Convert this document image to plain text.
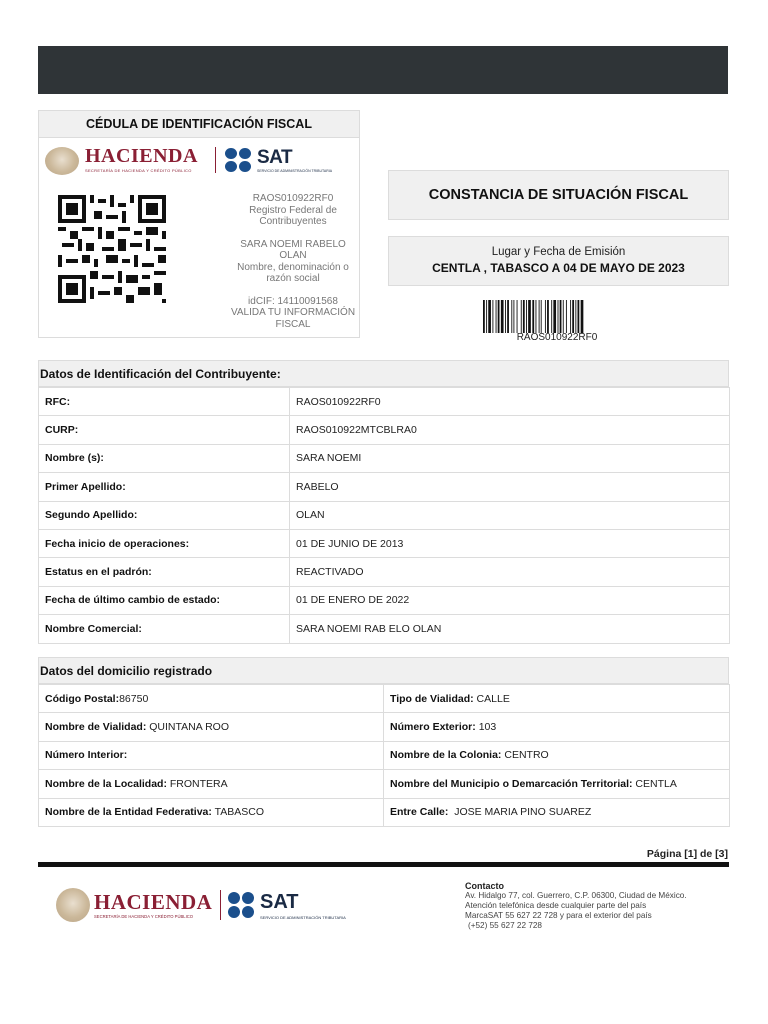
CÉDULA DE IDENTIFICACIÓN FISCAL
HACIENDA
SECRETARÍA DE HACIENDA Y CRÉDITO PÚBLICO
SAT
SERVICIO DE ADMINISTRACIÓN TRIBUTARIA

RAOS010922RF0
Registro Federal de Contribuyentes

SARA NOEMI RABELO OLAN
Nombre, denominación o razón social

idCIF: 14110091568
VALIDA TU INFORMACIÓN FISCAL

CONSTANCIA DE SITUACIÓN FISCAL
Lugar y Fecha de Emisión
CENTLA , TABASCO A 04 DE MAYO DE 2023
RAOS010922RF0
Datos de Identificación del Contribuyente:
RFC:	RAOS010922RF0
CURP:	RAOS010922MTCBLRA0
Nombre (s):	SARA NOEMI
Primer Apellido:	RABELO
Segundo Apellido:	OLAN
Fecha inicio de operaciones:	01 DE JUNIO DE 2013
Estatus en el padrón:	REACTIVADO
Fecha de último cambio de estado:	01 DE ENERO DE 2022
Nombre Comercial:	SARA NOEMI RAB ELO OLAN
Datos del domicilio registrado
Código Postal:86750	Tipo de Vialidad: CALLE
Nombre de Vialidad: QUINTANA ROO	Número Exterior: 103
Número Interior:	Nombre de la Colonia: CENTRO
Nombre de la Localidad: FRONTERA	Nombre del Municipio o Demarcación Territorial: CENTLA
Nombre de la Entidad Federativa: TABASCO	Entre Calle:  JOSE MARIA PINO SUAREZ
Página [1] de [3]
HACIENDA
SECRETARÍA DE HACIENDA Y CRÉDITO PÚBLICO
SAT
SERVICIO DE ADMINISTRACIÓN TRIBUTARIA
Contacto
Av. Hidalgo 77, col. Guerrero, C.P. 06300, Ciudad de México.
Atención telefónica desde cualquier parte del país
MarcaSAT 55 627 22 728 y para el exterior del país
(+52) 55 627 22 728
